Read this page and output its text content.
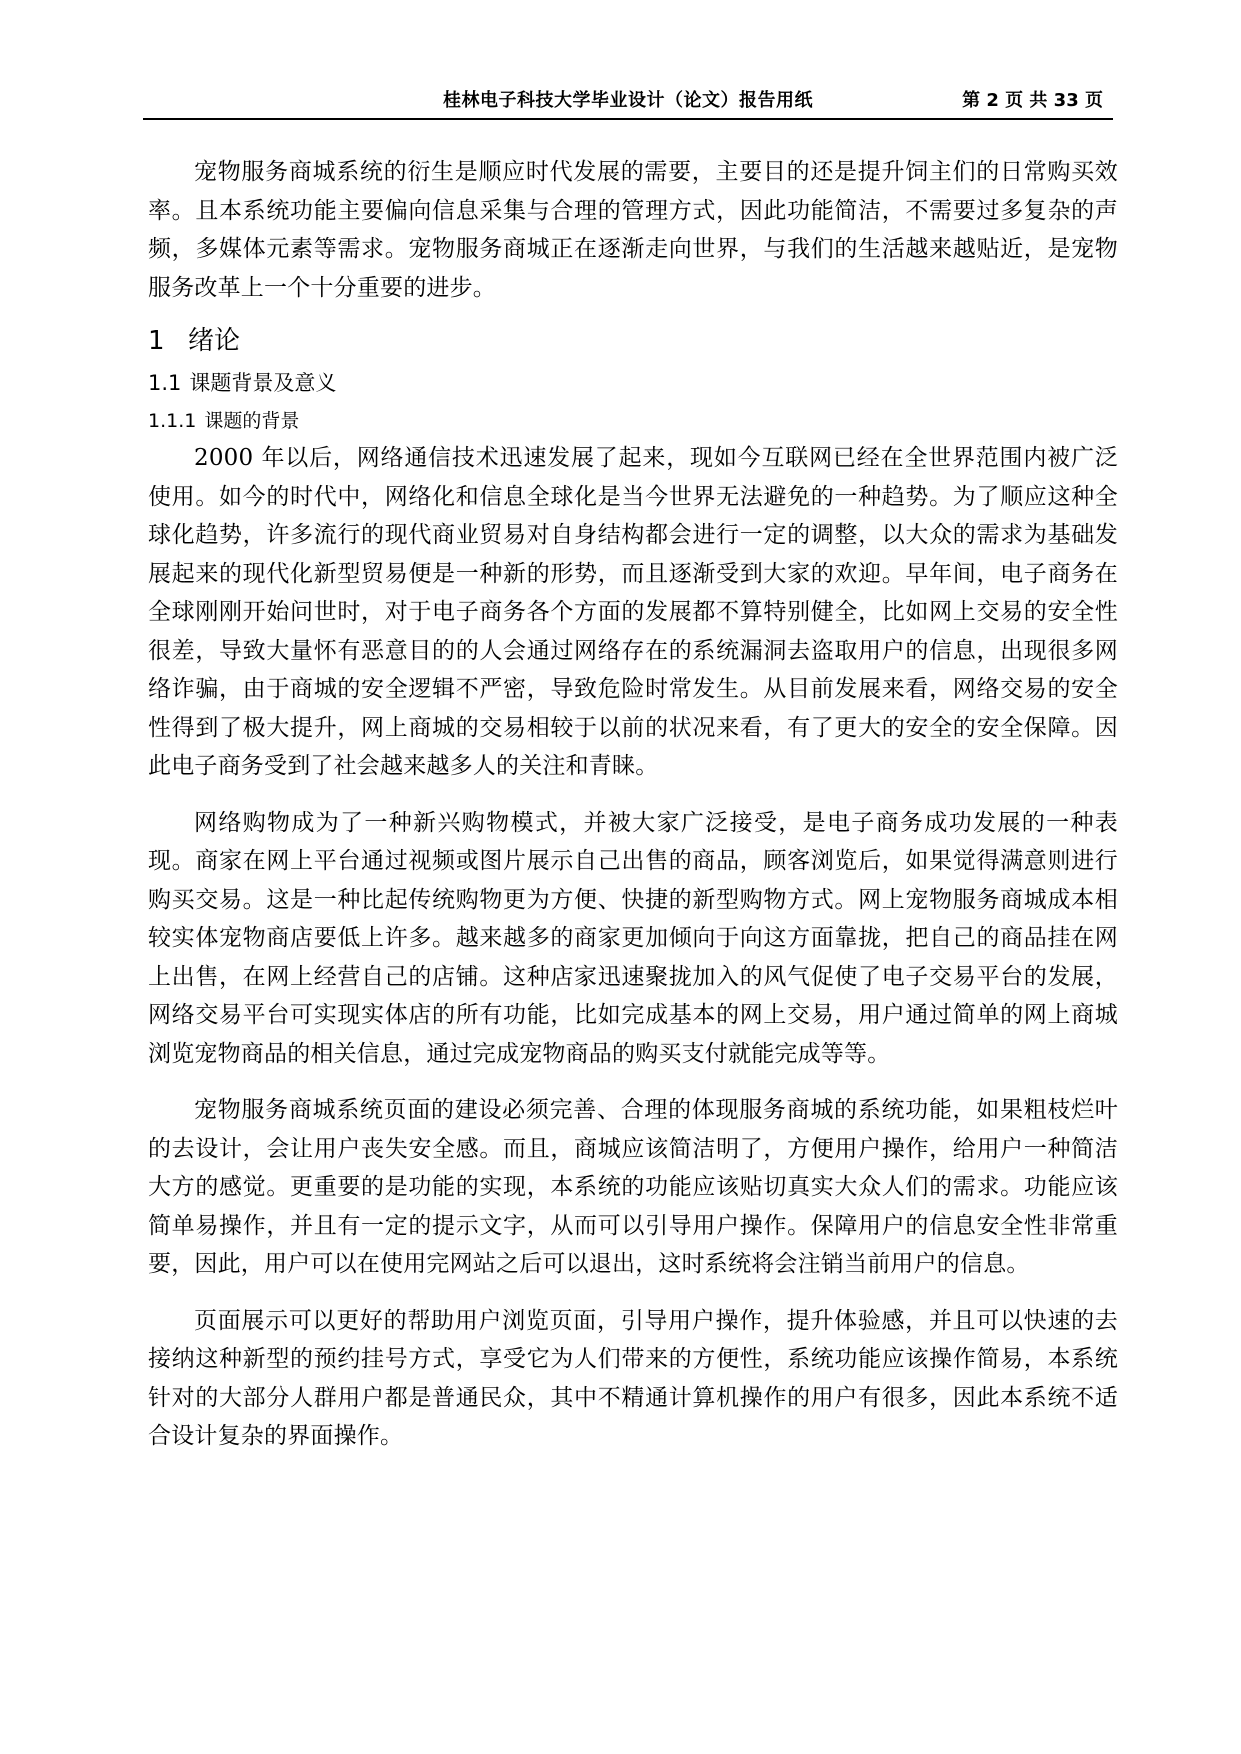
桂林电子科技大学毕业设计（论文）报告用纸	第 2 页 共 33 页

宠物服务商城系统的衍生是顺应时代发展的需要，主要目的还是提升饲主们的日常购买效率。且本系统功能主要偏向信息采集与合理的管理方式，因此功能简洁，不需要过多复杂的声频，多媒体元素等需求。宠物服务商城正在逐渐走向世界，与我们的生活越来越贴近，是宠物服务改革上一个十分重要的进步。

1 绪论
1.1 课题背景及意义
1.1.1 课题的背景

2000 年以后，网络通信技术迅速发展了起来，现如今互联网已经在全世界范围内被广泛使用。如今的时代中，网络化和信息全球化是当今世界无法避免的一种趋势。为了顺应这种全球化趋势，许多流行的现代商业贸易对自身结构都会进行一定的调整，以大众的需求为基础发展起来的现代化新型贸易便是一种新的形势，而且逐渐受到大家的欢迎。早年间，电子商务在全球刚刚开始问世时，对于电子商务各个方面的发展都不算特别健全，比如网上交易的安全性很差，导致大量怀有恶意目的的人会通过网络存在的系统漏洞去盗取用户的信息，出现很多网络诈骗，由于商城的安全逻辑不严密，导致危险时常发生。从目前发展来看，网络交易的安全性得到了极大提升，网上商城的交易相较于以前的状况来看，有了更大的安全的安全保障。因此电子商务受到了社会越来越多人的关注和青睐。

网络购物成为了一种新兴购物模式，并被大家广泛接受，是电子商务成功发展的一种表现。商家在网上平台通过视频或图片展示自己出售的商品，顾客浏览后，如果觉得满意则进行购买交易。这是一种比起传统购物更为方便、快捷的新型购物方式。网上宠物服务商城成本相较实体宠物商店要低上许多。越来越多的商家更加倾向于向这方面靠拢，把自己的商品挂在网上出售，在网上经营自己的店铺。这种店家迅速聚拢加入的风气促使了电子交易平台的发展，网络交易平台可实现实体店的所有功能，比如完成基本的网上交易，用户通过简单的网上商城浏览宠物商品的相关信息，通过完成宠物商品的购买支付就能完成等等。

宠物服务商城系统页面的建设必须完善、合理的体现服务商城的系统功能，如果粗枝烂叶的去设计，会让用户丧失安全感。而且，商城应该简洁明了，方便用户操作，给用户一种简洁大方的感觉。更重要的是功能的实现，本系统的功能应该贴切真实大众人们的需求。功能应该简单易操作，并且有一定的提示文字，从而可以引导用户操作。保障用户的信息安全性非常重要，因此，用户可以在使用完网站之后可以退出，这时系统将会注销当前用户的信息。

页面展示可以更好的帮助用户浏览页面，引导用户操作，提升体验感，并且可以快速的去接纳这种新型的预约挂号方式，享受它为人们带来的方便性，系统功能应该操作简易，本系统针对的大部分人群用户都是普通民众，其中不精通计算机操作的用户有很多，因此本系统不适合设计复杂的界面操作。
